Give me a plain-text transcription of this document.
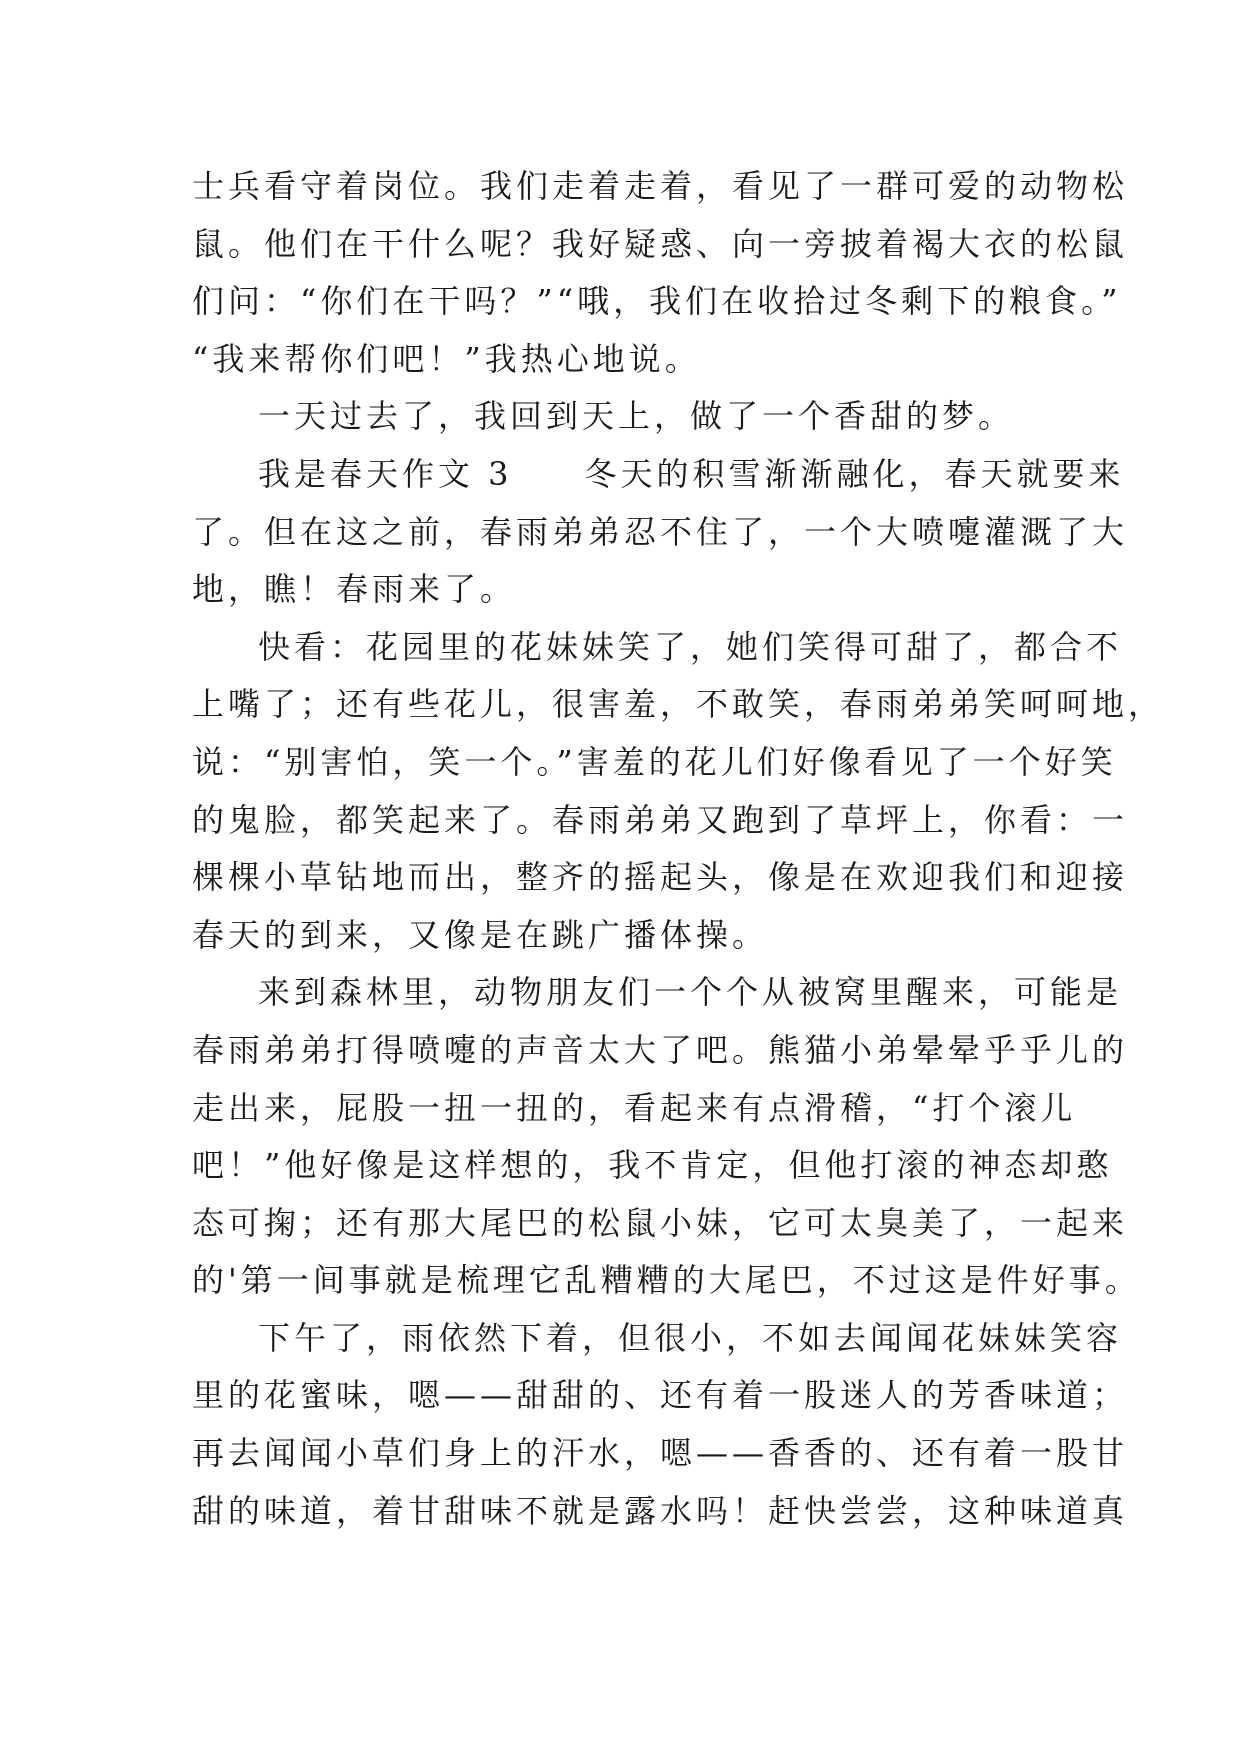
士兵看守着岗位。我们走着走着，看见了一群可爱的动物松
鼠。他们在干什么呢？我好疑惑、向一旁披着褐大衣的松鼠
们问：“你们在干吗？”“哦，我们在收拾过冬剩下的粮食。”
“我来帮你们吧！”我热心地说。
一天过去了，我回到天上，做了一个香甜的梦。
我是春天作文 3　　冬天的积雪渐渐融化，春天就要来
了。但在这之前，春雨弟弟忍不住了，一个大喷嚏灌溉了大
地，瞧！春雨来了。
快看：花园里的花妹妹笑了，她们笑得可甜了，都合不
上嘴了；还有些花儿，很害羞，不敢笑，春雨弟弟笑呵呵地，
说：“别害怕，笑一个。”害羞的花儿们好像看见了一个好笑
的鬼脸，都笑起来了。春雨弟弟又跑到了草坪上，你看：一
棵棵小草钻地而出，整齐的摇起头，像是在欢迎我们和迎接
春天的到来，又像是在跳广播体操。
来到森林里，动物朋友们一个个从被窝里醒来，可能是
春雨弟弟打得喷嚏的声音太大了吧。熊猫小弟晕晕乎乎儿的
走出来，屁股一扭一扭的，看起来有点滑稽，“打个滚儿
吧！”他好像是这样想的，我不肯定，但他打滚的神态却憨
态可掬；还有那大尾巴的松鼠小妹，它可太臭美了，一起来
的'第一间事就是梳理它乱糟糟的大尾巴，不过这是件好事。
下午了，雨依然下着，但很小，不如去闻闻花妹妹笑容
里的花蜜味，嗯——甜甜的、还有着一股迷人的芳香味道；
再去闻闻小草们身上的汗水，嗯——香香的、还有着一股甘
甜的味道，着甘甜味不就是露水吗！赶快尝尝，这种味道真
